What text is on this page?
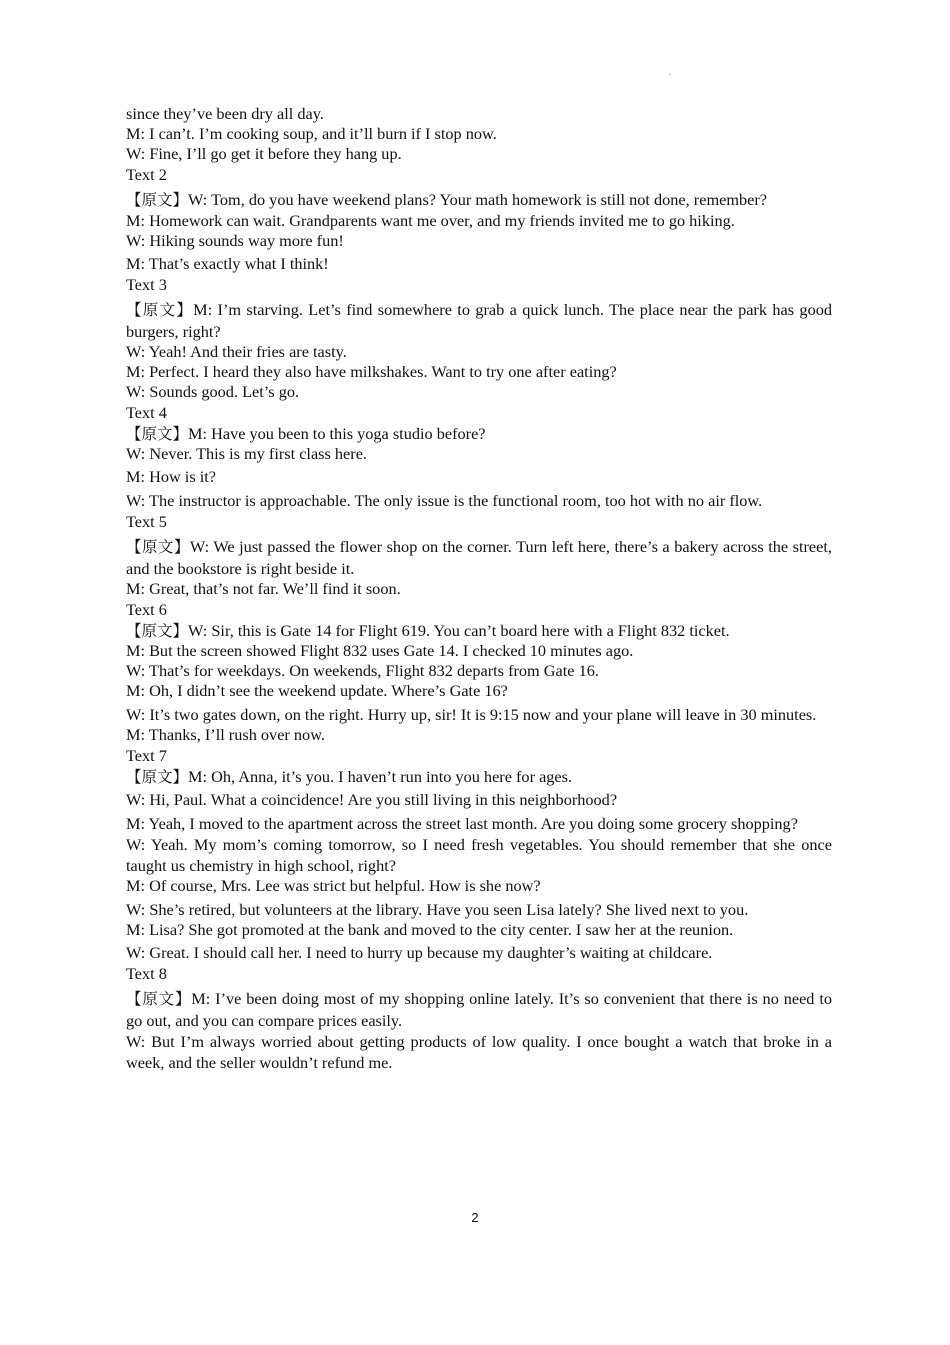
since they’ve been dry all day.

M: I can’t. I’m cooking soup, and it’ll burn if I stop now.

W: Fine, I’ll go get it before they hang up.

Text 2

【原文】W: Tom, do you have weekend plans? Your math homework is still not done, remember?

M: Homework can wait. Grandparents want me over, and my friends invited me to go hiking.

W: Hiking sounds way more fun!

M: That’s exactly what I think!

Text 3

【原文】M: I’m starving. Let’s find somewhere to grab a quick lunch. The place near the park has good burgers, right?

W: Yeah! And their fries are tasty.

M: Perfect. I heard they also have milkshakes. Want to try one after eating?

W: Sounds good. Let’s go.

Text 4

【原文】M: Have you been to this yoga studio before?

W: Never. This is my first class here.

M: How is it?

W: The instructor is approachable. The only issue is the functional room, too hot with no air flow.

Text 5

【原文】W: We just passed the flower shop on the corner. Turn left here, there’s a bakery across the street, and the bookstore is right beside it.

M: Great, that’s not far. We’ll find it soon.

Text 6

【原文】W: Sir, this is Gate 14 for Flight 619. You can’t board here with a Flight 832 ticket.

M: But the screen showed Flight 832 uses Gate 14. I checked 10 minutes ago.

W: That’s for weekdays. On weekends, Flight 832 departs from Gate 16.

M: Oh, I didn’t see the weekend update. Where’s Gate 16?

W: It’s two gates down, on the right. Hurry up, sir! It is 9:15 now and your plane will leave in 30 minutes.

M: Thanks, I’ll rush over now.

Text 7

【原文】M: Oh, Anna, it’s you. I haven’t run into you here for ages.

W: Hi, Paul. What a coincidence! Are you still living in this neighborhood?

M: Yeah, I moved to the apartment across the street last month. Are you doing some grocery shopping?

W: Yeah. My mom’s coming tomorrow, so I need fresh vegetables. You should remember that she once taught us chemistry in high school, right?

M: Of course, Mrs. Lee was strict but helpful. How is she now?

W: She’s retired, but volunteers at the library. Have you seen Lisa lately? She lived next to you.

M: Lisa? She got promoted at the bank and moved to the city center. I saw her at the reunion.

W: Great. I should call her. I need to hurry up because my daughter’s waiting at childcare.

Text 8

【原文】M: I’ve been doing most of my shopping online lately. It’s so convenient that there is no need to go out, and you can compare prices easily.

W: But I’m always worried about getting products of low quality. I once bought a watch that broke in a week, and the seller wouldn’t refund me.

2
